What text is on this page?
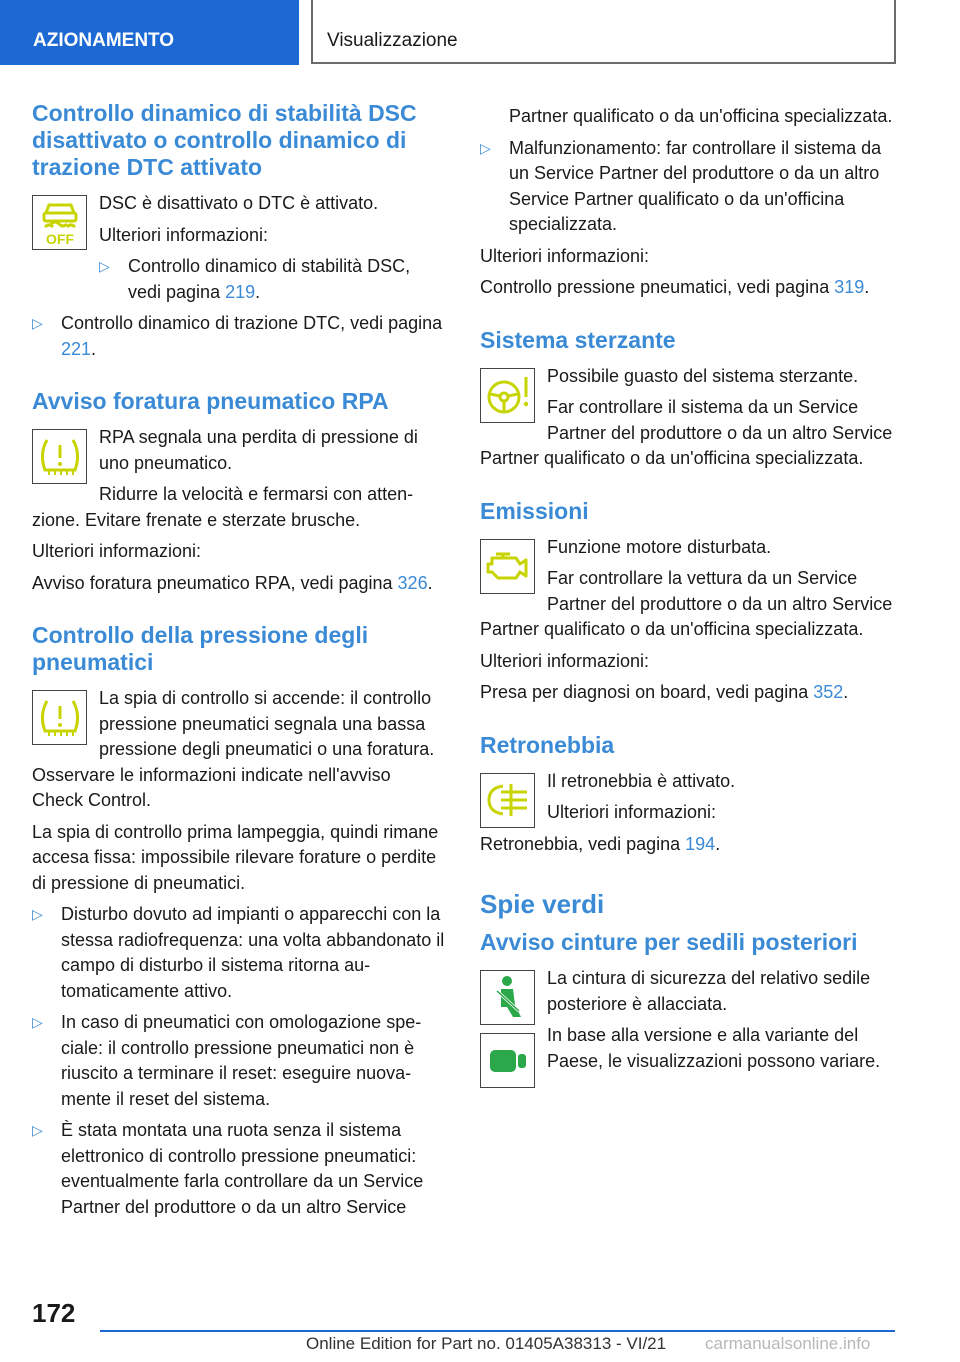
AZIONAMENTO	Visualizzazione
Controllo dinamico di stabilità DSC disattivato o controllo dinamico di trazione DTC attivato
OFF

DSC è disattivato o DTC è attivato.

Ulteriori informazioni:

▷ Controllo dinamico di stabilità DSC, vedi pagina 219.
▷ Controllo dinamico di trazione DTC, vedi pagina 221.
Avviso foratura pneumatico RPA

RPA segnala una perdita di pressione di uno pneumatico.

Ridurre la velocità e fermarsi con attenzione. Evitare frenate e sterzate brusche.

Ulteriori informazioni:

Avviso foratura pneumatico RPA, vedi pagina 326.

Controllo della pressione degli pneumatici

La spia di controllo si accende: il controllo pressione pneumatici segnala una bassa pressione degli pneumatici o una foratura. Osservare le informazioni indicate nell'avviso Check Control.

La spia di controllo prima lampeggia, quindi rimane accesa fissa: impossibile rilevare forature o perdite di pressione di pneumatici.

▷ Disturbo dovuto ad impianti o apparecchi con la stessa radiofrequenza: una volta abbandonato il campo di disturbo il sistema ritorna automaticamente attivo.
▷ In caso di pneumatici con omologazione speciale: il controllo pressione pneumatici non è riuscito a terminare il reset: eseguire nuovamente il reset del sistema.
▷ È stata montata una ruota senza il sistema elettronico di controllo pressione pneumatici: eventualmente farla controllare da un Service Partner del produttore o da un altro Service

Partner qualificato o da un'officina specializzata.

▷ Malfunzionamento: far controllare il sistema da un Service Partner del produttore o da un altro Service Partner qualificato o da un'officina specializzata.

Ulteriori informazioni:

Controllo pressione pneumatici, vedi pagina 319.

Sistema sterzante

Possibile guasto del sistema sterzante.

Far controllare il sistema da un Service Partner del produttore o da un altro Service Partner qualificato o da un'officina specializzata.

Emissioni

Funzione motore disturbata.

Far controllare la vettura da un Service Partner del produttore o da un altro Service Partner qualificato o da un'officina specializzata.

Ulteriori informazioni:

Presa per diagnosi on board, vedi pagina 352.

Retronebbia

Il retronebbia è attivato.

Ulteriori informazioni:

Retronebbia, vedi pagina 194.

Spie verdi
Avviso cinture per sedili posteriori

La cintura di sicurezza del relativo sedile posteriore è allacciata.

In base alla versione e alla variante del Paese, le visualizzazioni possono variare.

172
Online Edition for Part no. 01405A38313 - VI/21 carmanualsonline.info
